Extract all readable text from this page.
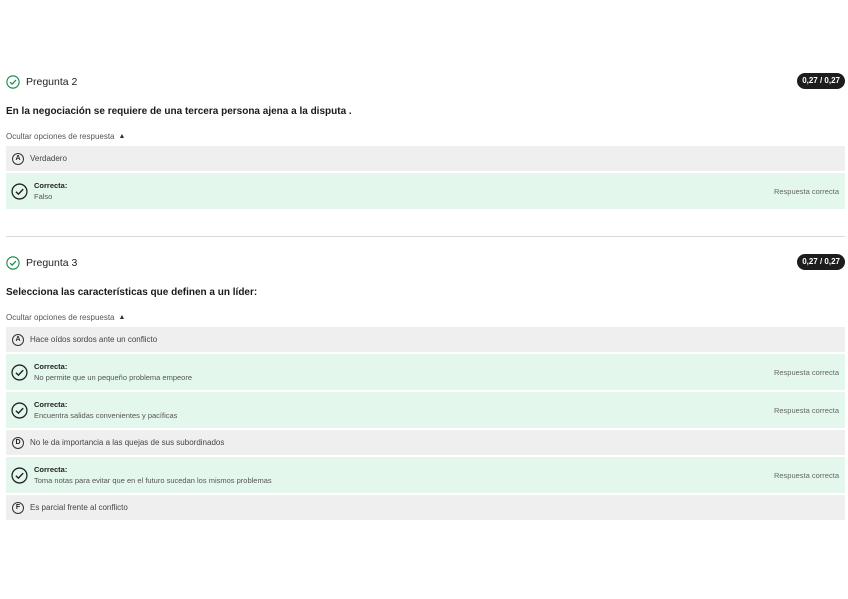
Pregunta 2	0,27 / 0,27
En la negociación se requiere de una tercera persona ajena a la disputa .
Ocultar opciones de respuesta ▲
A	Verdadero
Correcta:
Falso
Respuesta correcta
Pregunta 3	0,27 / 0,27
Selecciona las características que definen a un líder:
Ocultar opciones de respuesta ▲
A	Hace oídos sordos ante un conflicto
Correcta:
No permite que un pequeño problema empeore
Respuesta correcta
Correcta:
Encuentra salidas convenientes y pacíficas
Respuesta correcta
D	No le da importancia a las quejas de sus subordinados
Correcta:
Toma notas para evitar que en el futuro sucedan los mismos problemas
Respuesta correcta
F	Es parcial frente al conflicto
